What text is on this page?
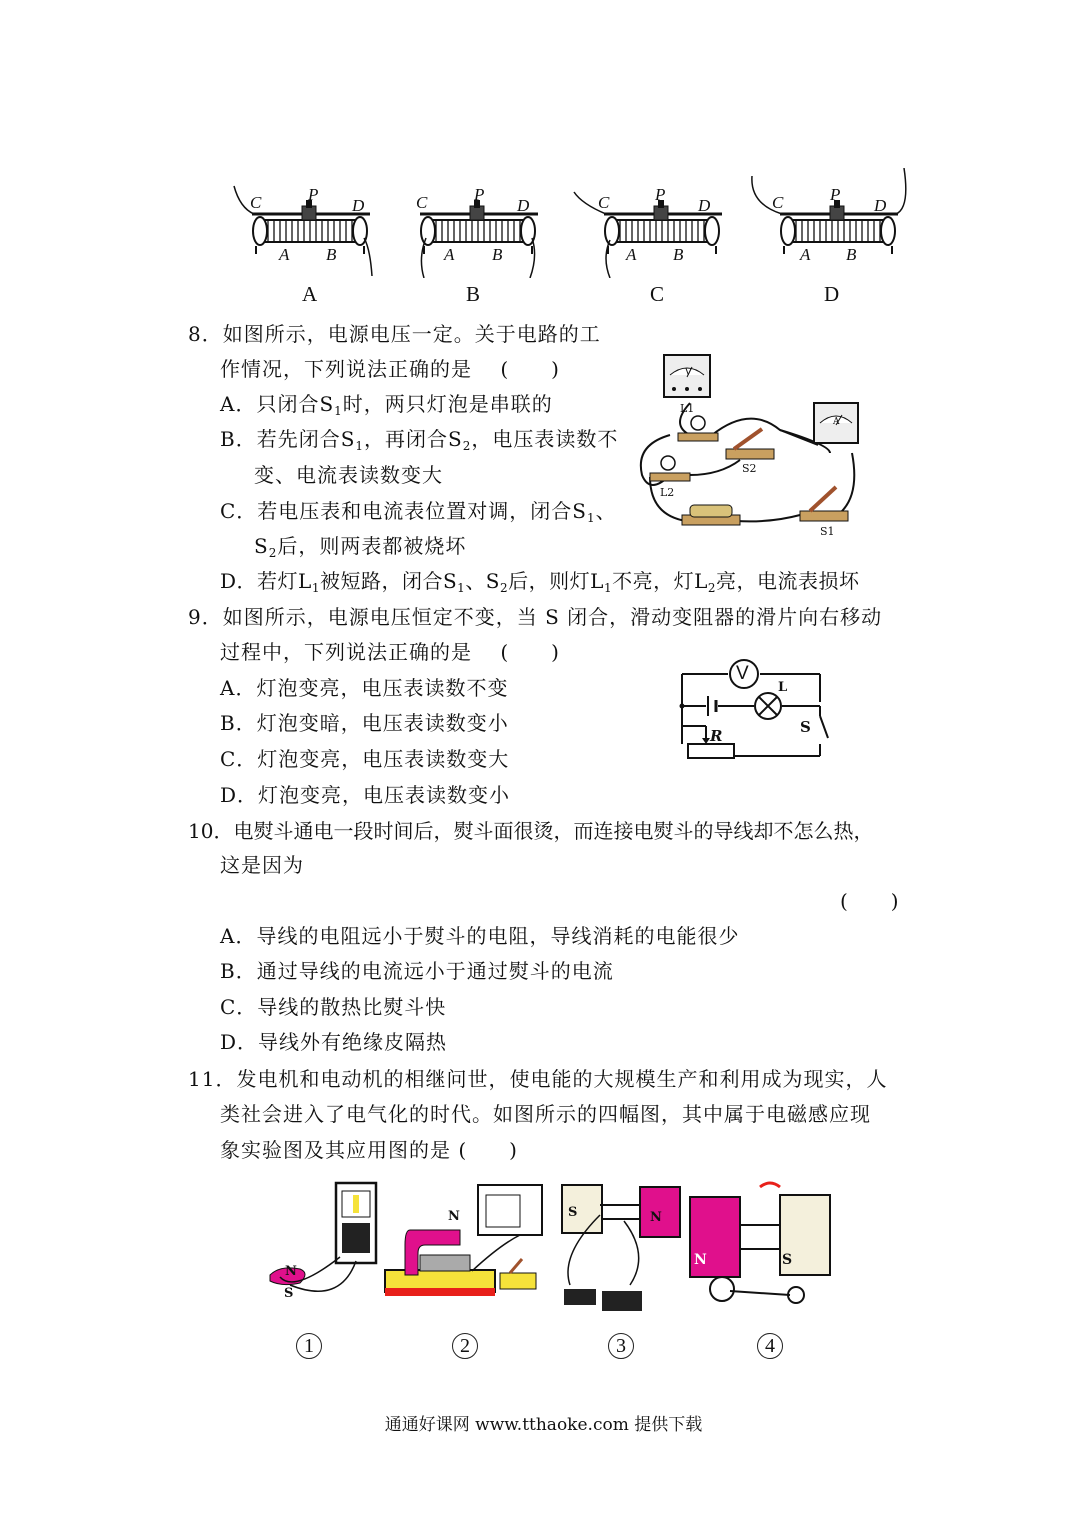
C	P
D
A B
C	P
D
A B
C	P
D
A B
C	P
D
A B
A	B	C	D
8．如图所示，电源电压一定。关于电路的工
作情况，下列说法正确的是　 (　　)
A．只闭合$S_1$时，两只灯泡是串联的
B．若先闭合$S_1$，再闭合$S_2$，电压表读数不
变、电流表读数变大
C．若电压表和电流表位置对调，闭合$S_1$、
$S_2$后，则两表都被烧坏
D．若灯$L_1$被短路，闭合$S_1$、$S_2$后，则灯$L_1$不亮，灯$L_2$亮，电流表损坏
L1
L2
S2
S1
V
A
9．如图所示，电源电压恒定不变，当 S 闭合，滑动变阻器的滑片向右移动
过程中，下列说法正确的是　 (　　)
A．灯泡变亮，电压表读数不变
B．灯泡变暗，电压表读数变小
C．灯泡变亮，电压表读数变大
D．灯泡变亮，电压表读数变小
V
L
S
R
10．电熨斗通电一段时间后，熨斗面很烫，而连接电熨斗的导线却不怎么热，
这是因为
(　　)
A．导线的电阻远小于熨斗的电阻，导线消耗的电能很少
B．通过导线的电流远小于通过熨斗的电流
C．导线的散热比熨斗快
D．导线外有绝缘皮隔热
11．发电机和电动机的相继问世，使电能的大规模生产和利用成为现实，人
类社会进入了电气化的时代。如图所示的四幅图，其中属于电磁感应现
象实验图及其应用图的是 (　　)
N
S
N	S	N
N	S
1	2	3	4
通通好课网 www.tthaoke.com 提供下载
